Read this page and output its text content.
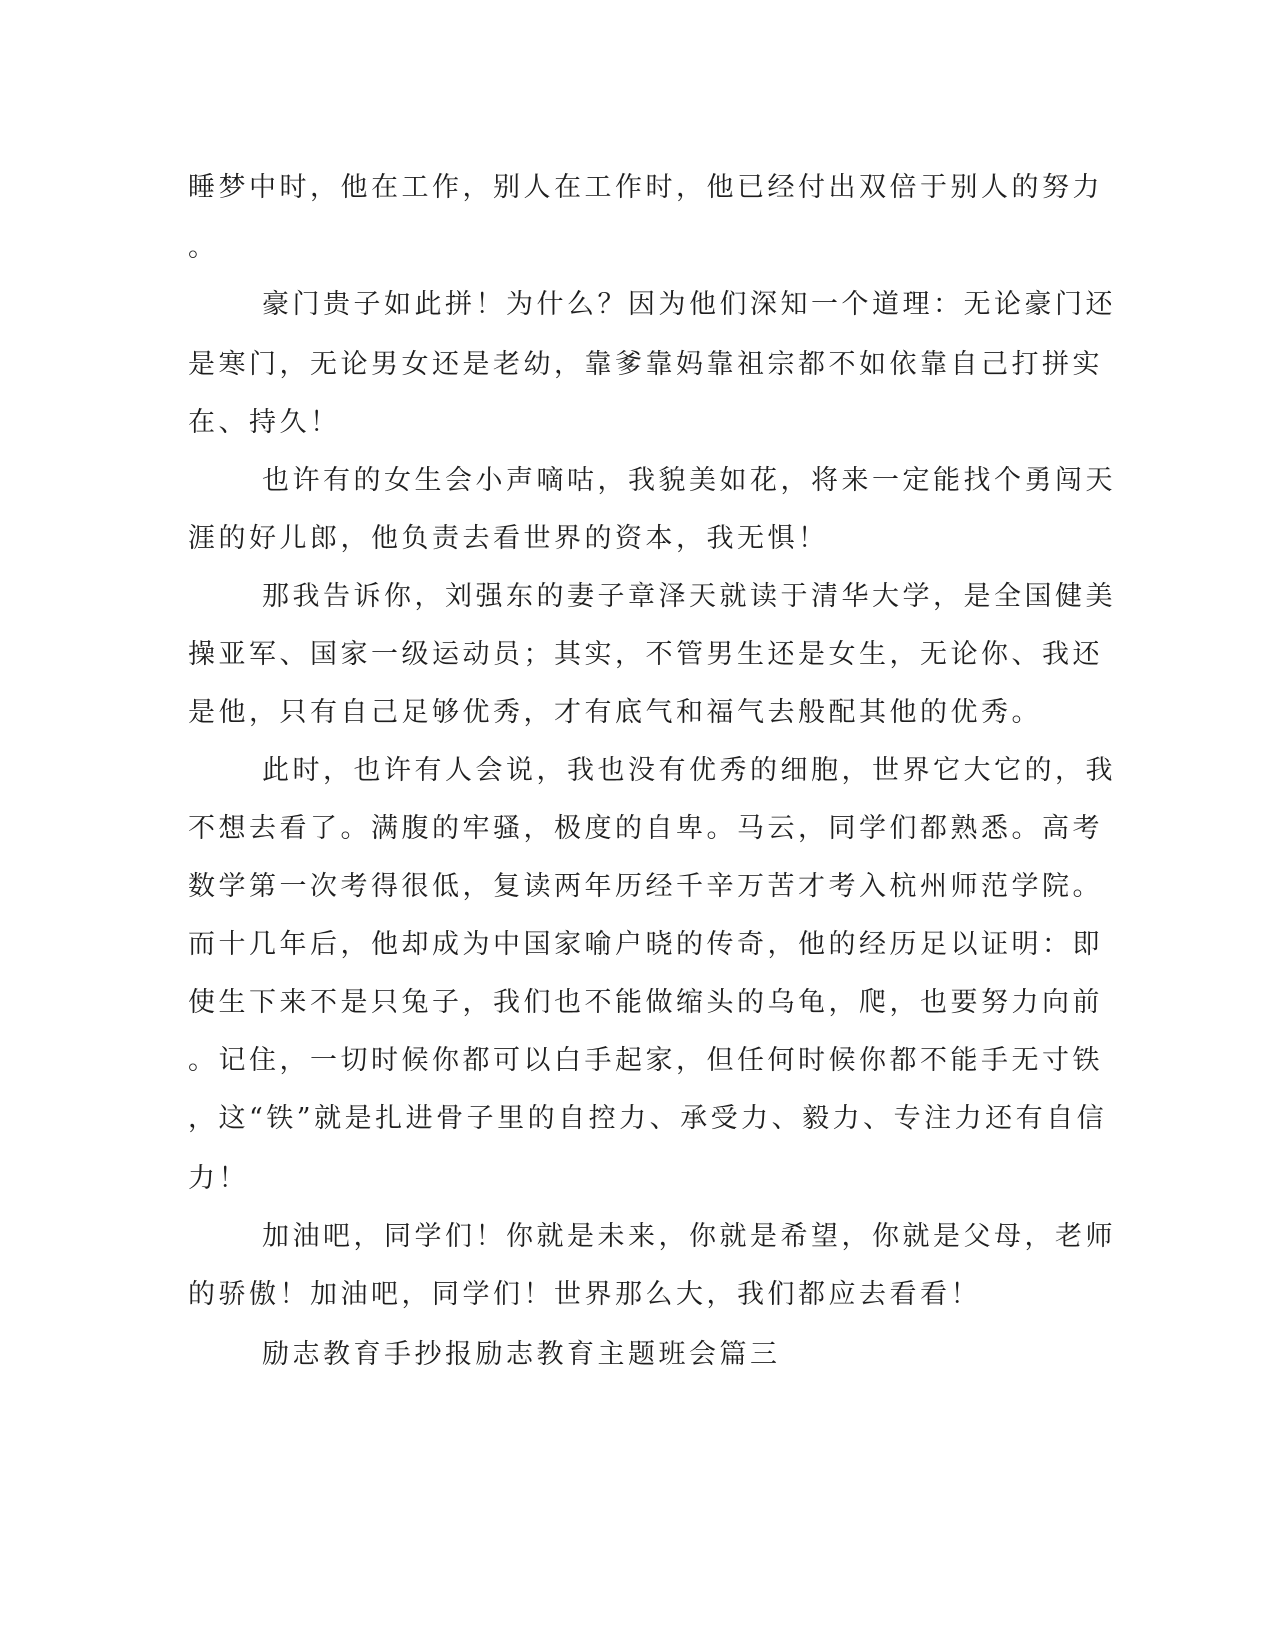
睡梦中时，他在工作，别人在工作时，他已经付出双倍于别人的努力
。
豪门贵子如此拼！为什么？因为他们深知一个道理：无论豪门还
是寒门，无论男女还是老幼，靠爹靠妈靠祖宗都不如依靠自己打拼实
在、持久！
也许有的女生会小声嘀咕，我貌美如花，将来一定能找个勇闯天
涯的好儿郎，他负责去看世界的资本，我无惧！
那我告诉你，刘强东的妻子章泽天就读于清华大学，是全国健美
操亚军、国家一级运动员；其实，不管男生还是女生，无论你、我还
是他，只有自己足够优秀，才有底气和福气去般配其他的优秀。
此时，也许有人会说，我也没有优秀的细胞，世界它大它的，我
不想去看了。满腹的牢骚，极度的自卑。马云，同学们都熟悉。高考
数学第一次考得很低，复读两年历经千辛万苦才考入杭州师范学院。
而十几年后，他却成为中国家喻户晓的传奇，他的经历足以证明：即
使生下来不是只兔子，我们也不能做缩头的乌龟，爬，也要努力向前
。记住，一切时候你都可以白手起家，但任何时候你都不能手无寸铁
，这“铁”就是扎进骨子里的自控力、承受力、毅力、专注力还有自信
力！
加油吧，同学们！你就是未来，你就是希望，你就是父母，老师
的骄傲！加油吧，同学们！世界那么大，我们都应去看看！
励志教育手抄报励志教育主题班会篇三
